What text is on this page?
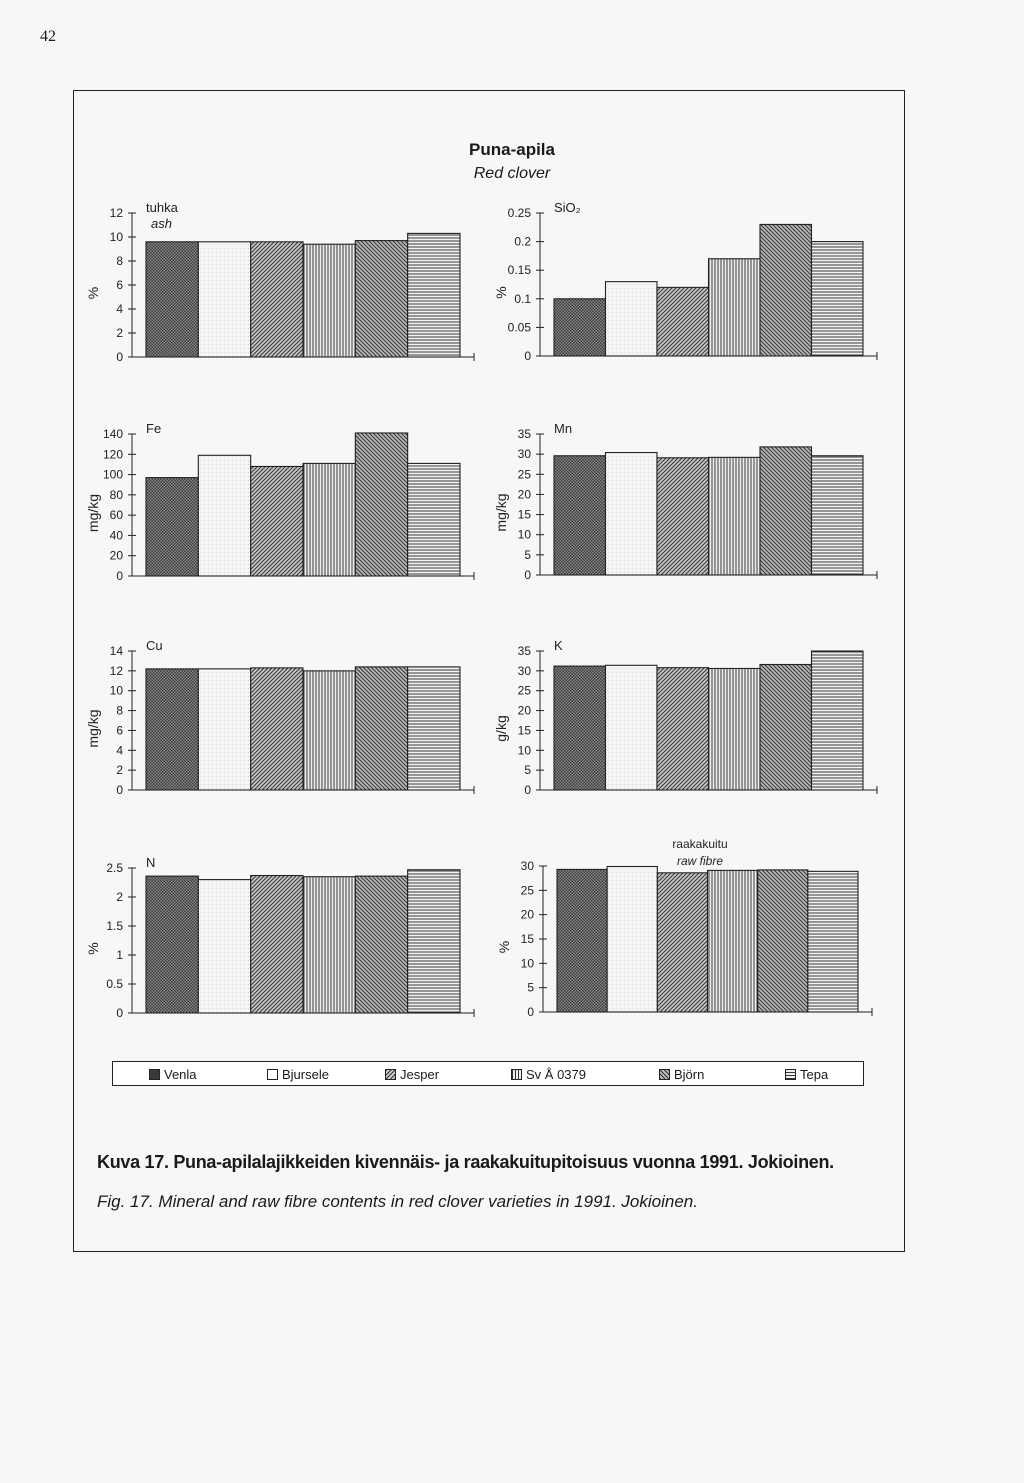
42
Puna-apila
Red clover
0
2
4
6
8
10
12
%
tuhka
ash
0
0.05
0.1
0.15
0.2
0.25
%
SiO₂
0
20
40
60
80
100
120
140
mg/kg
Fe
0
5
10
15
20
25
30
35
mg/kg
Mn
0
2
4
6
8
10
12
14
mg/kg
Cu
0
5
10
15
20
25
30
35
g/kg
K
0
0.5
1
1.5
2
2.5
%
N
0
5
10
15
20
25
30
%
raakakuitu
raw fibre
Venla	Bjursele	Jesper	Sv Å 0379	Björn	Tepa
Kuva 17. Puna-apilalajikkeiden kivennäis- ja raakakuitupitoisuus vuonna 1991. Jokioinen.
Fig. 17. Mineral and raw fibre contents in red clover varieties in 1991. Jokioinen.
